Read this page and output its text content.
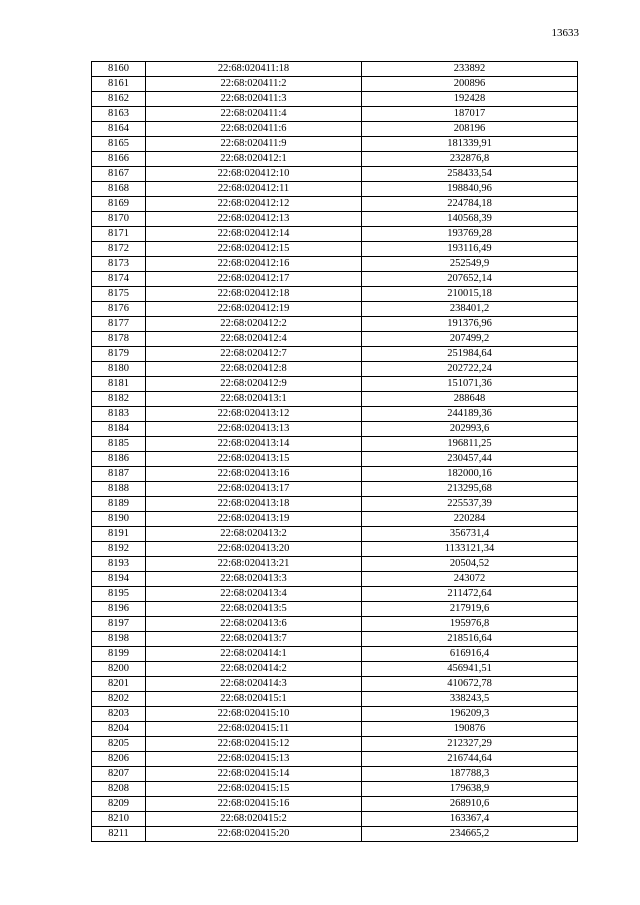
13633
8160	22:68:020411:18	233892
8161	22:68:020411:2	200896
8162	22:68:020411:3	192428
8163	22:68:020411:4	187017
8164	22:68:020411:6	208196
8165	22:68:020411:9	181339,91
8166	22:68:020412:1	232876,8
8167	22:68:020412:10	258433,54
8168	22:68:020412:11	198840,96
8169	22:68:020412:12	224784,18
8170	22:68:020412:13	140568,39
8171	22:68:020412:14	193769,28
8172	22:68:020412:15	193116,49
8173	22:68:020412:16	252549,9
8174	22:68:020412:17	207652,14
8175	22:68:020412:18	210015,18
8176	22:68:020412:19	238401,2
8177	22:68:020412:2	191376,96
8178	22:68:020412:4	207499,2
8179	22:68:020412:7	251984,64
8180	22:68:020412:8	202722,24
8181	22:68:020412:9	151071,36
8182	22:68:020413:1	288648
8183	22:68:020413:12	244189,36
8184	22:68:020413:13	202993,6
8185	22:68:020413:14	196811,25
8186	22:68:020413:15	230457,44
8187	22:68:020413:16	182000,16
8188	22:68:020413:17	213295,68
8189	22:68:020413:18	225537,39
8190	22:68:020413:19	220284
8191	22:68:020413:2	356731,4
8192	22:68:020413:20	1133121,34
8193	22:68:020413:21	20504,52
8194	22:68:020413:3	243072
8195	22:68:020413:4	211472,64
8196	22:68:020413:5	217919,6
8197	22:68:020413:6	195976,8
8198	22:68:020413:7	218516,64
8199	22:68:020414:1	616916,4
8200	22:68:020414:2	456941,51
8201	22:68:020414:3	410672,78
8202	22:68:020415:1	338243,5
8203	22:68:020415:10	196209,3
8204	22:68:020415:11	190876
8205	22:68:020415:12	212327,29
8206	22:68:020415:13	216744,64
8207	22:68:020415:14	187788,3
8208	22:68:020415:15	179638,9
8209	22:68:020415:16	268910,6
8210	22:68:020415:2	163367,4
8211	22:68:020415:20	234665,2
